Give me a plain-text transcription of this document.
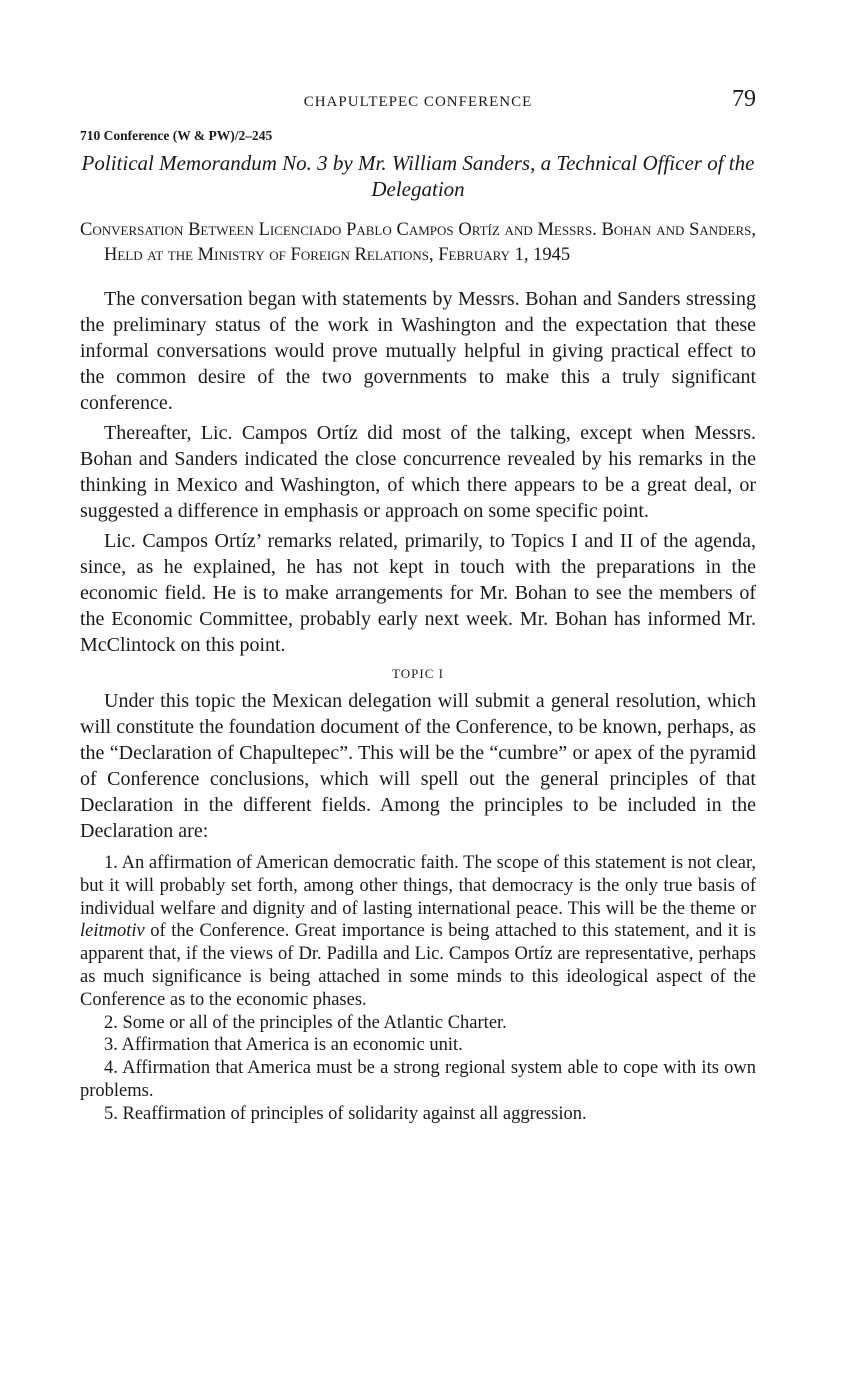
CHAPULTEPEC CONFERENCE	79
710 Conference (W & PW)/2–245
Political Memorandum No. 3 by Mr. William Sanders, a Technical Officer of the Delegation
Conversation Between Licenciado Pablo Campos Ortíz and Messrs. Bohan and Sanders, Held at the Ministry of Foreign Relations, February 1, 1945

The conversation began with statements by Messrs. Bohan and Sanders stressing the preliminary status of the work in Washington and the expectation that these informal conversations would prove mutually helpful in giving practical effect to the common desire of the two governments to make this a truly significant conference.

Thereafter, Lic. Campos Ortíz did most of the talking, except when Messrs. Bohan and Sanders indicated the close concurrence revealed by his remarks in the thinking in Mexico and Washington, of which there appears to be a great deal, or suggested a difference in emphasis or approach on some specific point.

Lic. Campos Ortíz’ remarks related, primarily, to Topics I and II of the agenda, since, as he explained, he has not kept in touch with the preparations in the economic field. He is to make arrangements for Mr. Bohan to see the members of the Economic Committee, probably early next week. Mr. Bohan has informed Mr. McClintock on this point.

TOPIC I

Under this topic the Mexican delegation will submit a general resolution, which will constitute the foundation document of the Conference, to be known, perhaps, as the “Declaration of Chapultepec”. This will be the “cumbre” or apex of the pyramid of Conference conclusions, which will spell out the general principles of that Declaration in the different fields. Among the principles to be included in the Declaration are:

1. An affirmation of American democratic faith. The scope of this statement is not clear, but it will probably set forth, among other things, that democracy is the only true basis of individual welfare and dignity and of lasting international peace. This will be the theme or leitmotiv of the Conference. Great importance is being attached to this statement, and it is apparent that, if the views of Dr. Padilla and Lic. Campos Ortíz are representative, perhaps as much significance is being attached in some minds to this ideological aspect of the Conference as to the economic phases.

2. Some or all of the principles of the Atlantic Charter.

3. Affirmation that America is an economic unit.

4. Affirmation that America must be a strong regional system able to cope with its own problems.

5. Reaffirmation of principles of solidarity against all aggression.
